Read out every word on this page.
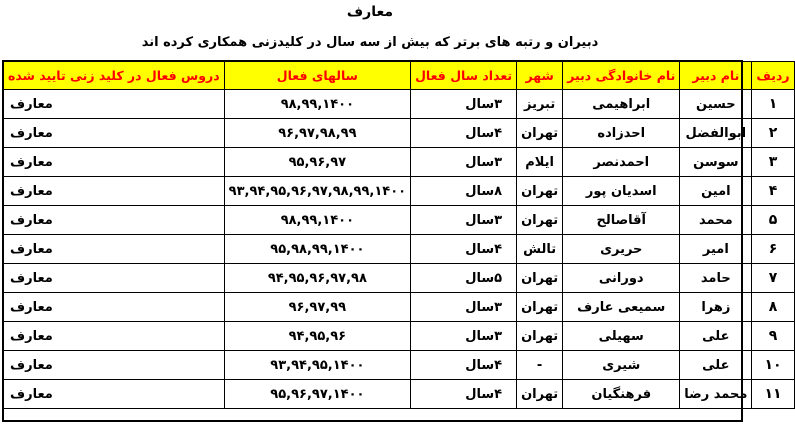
معارف
دبیران و رتبه های برتر که بیش از سه سال در کلیدزنی همکاری کرده اند
ردیف	نام دبیر	نام خانوادگی دبیر	شهر	تعداد سال فعال	سالهای فعال	دروس فعال در کلید زنی تایید شده
۱	حسین	ابراهیمی	تبریز	۳سال	۹۸,۹۹,۱۴۰۰	معارف
۲	ابوالفضل	احدزاده	تهران	۴سال	۹۶,۹۷,۹۸,۹۹	معارف
۳	سوسن	احمدنصر	ایلام	۳سال	۹۵,۹۶,۹۷	معارف
۴	امین	اسدیان پور	تهران	۸سال	۹۳,۹۴,۹۵,۹۶,۹۷,۹۸,۹۹,۱۴۰۰	معارف
۵	محمد	آقاصالح	تهران	۳سال	۹۸,۹۹,۱۴۰۰	معارف
۶	امیر	حریری	تالش	۴سال	۹۵,۹۸,۹۹,۱۴۰۰	معارف
۷	حامد	دورانی	تهران	۵سال	۹۴,۹۵,۹۶,۹۷,۹۸	معارف
۸	زهرا	سمیعی عارف	تهران	۳سال	۹۶,۹۷,۹۹	معارف
۹	علی	سهیلی	تهران	۳سال	۹۴,۹۵,۹۶	معارف
۱۰	علی	شیری	-	۴سال	۹۳,۹۴,۹۵,۱۴۰۰	معارف
۱۱	محمد رضا	فرهنگیان	تهران	۴سال	۹۵,۹۶,۹۷,۱۴۰۰	معارف
